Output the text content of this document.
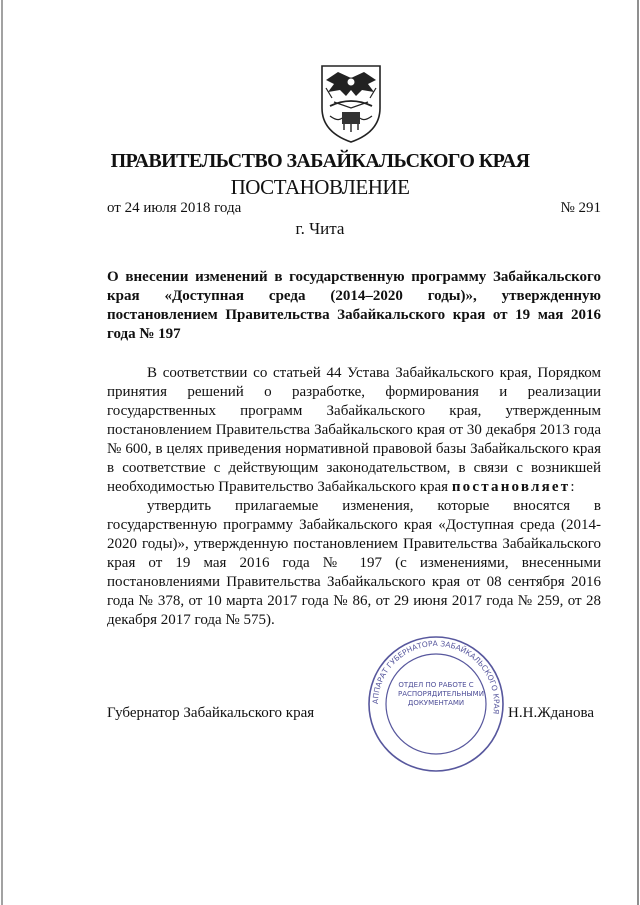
ПРАВИТЕЛЬСТВО ЗАБАЙКАЛЬСКОГО КРАЯ
ПОСТАНОВЛЕНИЕ
от 24 июля 2018 года	№ 291
г. Чита
О внесении изменений в государственную программу Забайкальского края «Доступная среда (2014–2020 годы)», утвержденную постановлением Правительства Забайкальского края от 19 мая 2016 года № 197

В соответствии со статьей 44 Устава Забайкальского края, Порядком принятия решений о разработке, формирования и реализации государственных программ Забайкальского края, утвержденным постановлением Правительства Забайкальского края от 30 декабря 2013 года № 600, в целях приведения нормативной правовой базы Забайкальского края в соответствие с действующим законодательством, в связи с возникшей необходимостью Правительство Забайкальского края постановляет:

утвердить прилагаемые изменения, которые вносятся в государственную программу Забайкальского края «Доступная среда (2014-2020 годы)», утвержденную постановлением Правительства Забайкальского края от 19 мая 2016 года № 197 (с изменениями, внесенными постановлениями Правительства Забайкальского края от 08 сентября 2016 года № 378, от 10 марта 2017 года № 86, от 29 июня 2017 года № 259, от 28 декабря 2017 года № 575).

Губернатор Забайкальского края	Н.Н.Жданова
АППАРАТ ГУБЕРНАТОРА ЗАБАЙКАЛЬСКОГО КРАЯ
ОТДЕЛ ПО РАБОТЕ С РАСПОРЯДИТЕЛЬНЫМИ ДОКУМЕНТАМИ
